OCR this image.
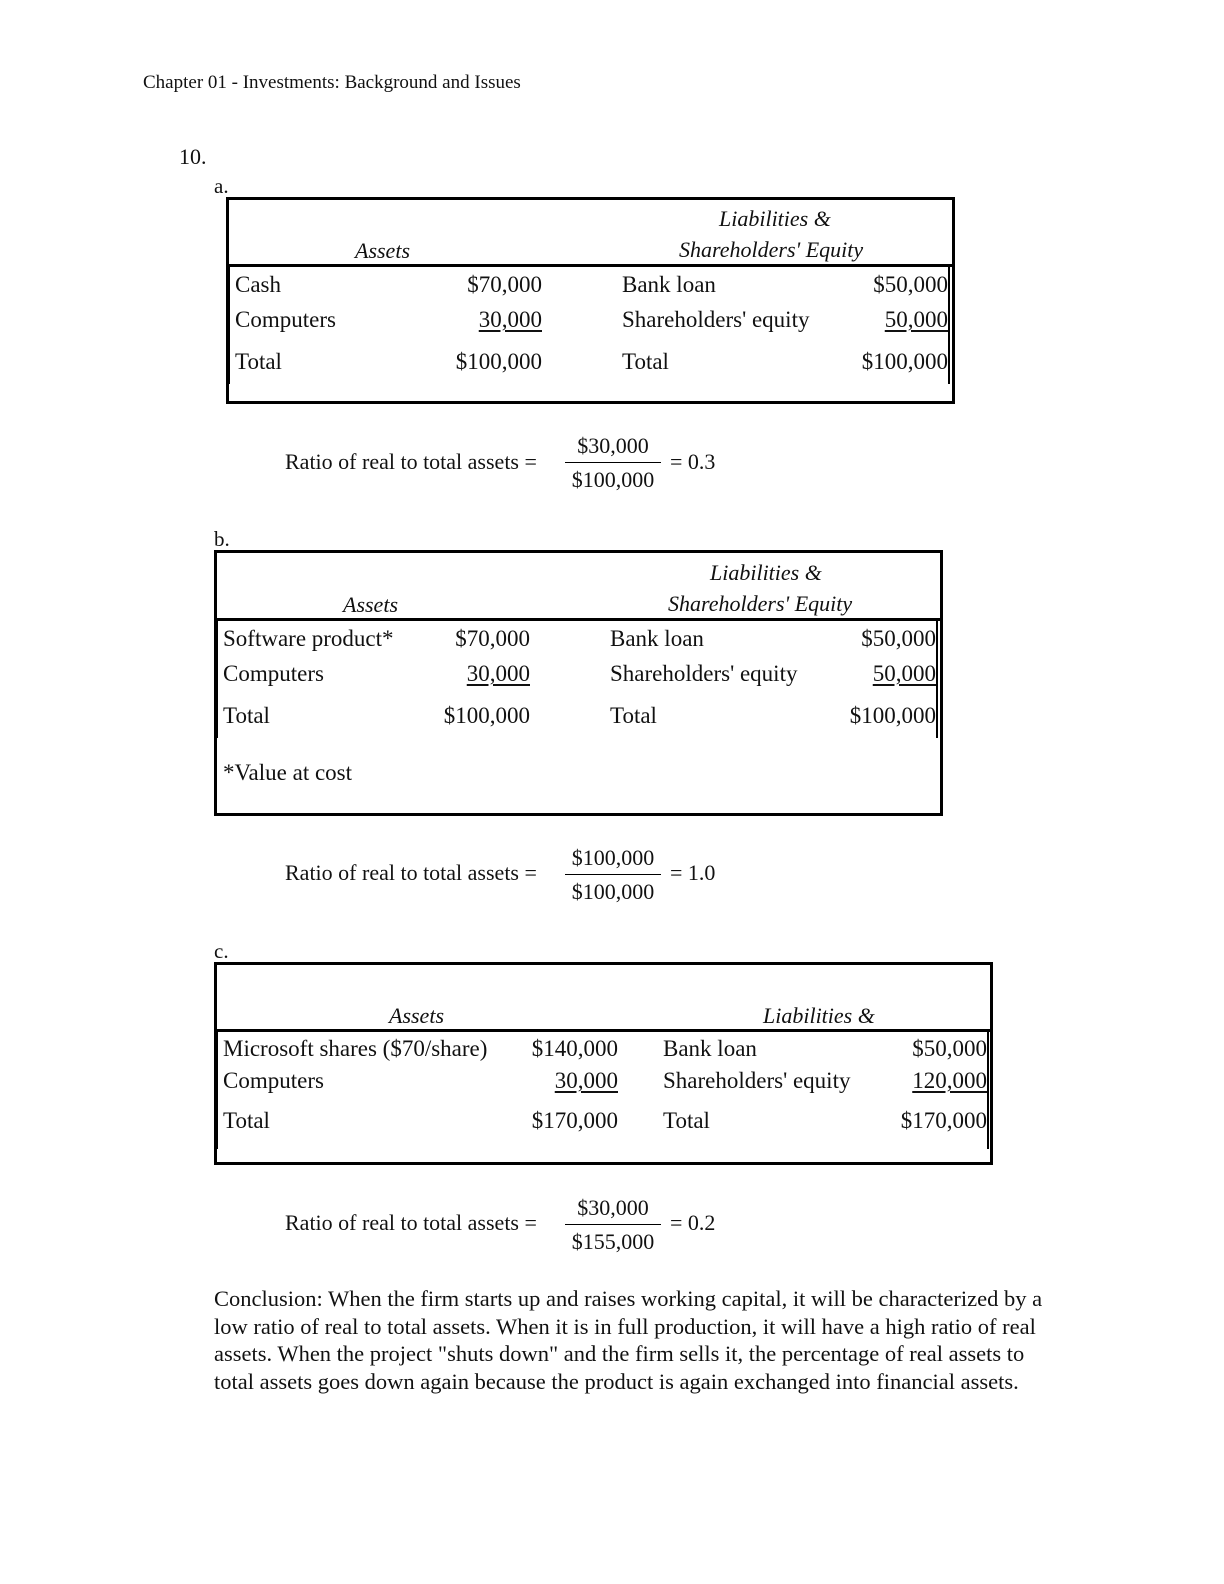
Chapter 01 - Investments: Background and Issues
10.
a.
Assets
Liabilities &
Shareholders' Equity
Cash	$70,000	Bank loan	$50,000
Computers	30,000	Shareholders' equity	50,000
Total	$100,000	Total	$100,000
Ratio of real to total assets =
$30,000
$100,000
= 0.3
b.
Assets
Liabilities &
Shareholders' Equity
Software product*	$70,000	Bank loan	$50,000
Computers	30,000	Shareholders' equity	50,000
Total	$100,000	Total	$100,000
*Value at cost
Ratio of real to total assets =
$100,000
$100,000
= 1.0
c.
Assets	Liabilities &
Microsoft shares ($70/share)	$140,000 Bank loan	$50,000
Computers	30,000 Shareholders' equity	120,000
Total	$170,000 Total	$170,000
Ratio of real to total assets =
$30,000
$155,000
= 0.2
Conclusion: When the firm starts up and raises working capital, it will be characterized by a low ratio of real to total assets. When it is in full production, it will have a high ratio of real assets. When the project "shuts down" and the firm sells it, the percentage of real assets to total assets goes down again because the product is again exchanged into financial assets.
